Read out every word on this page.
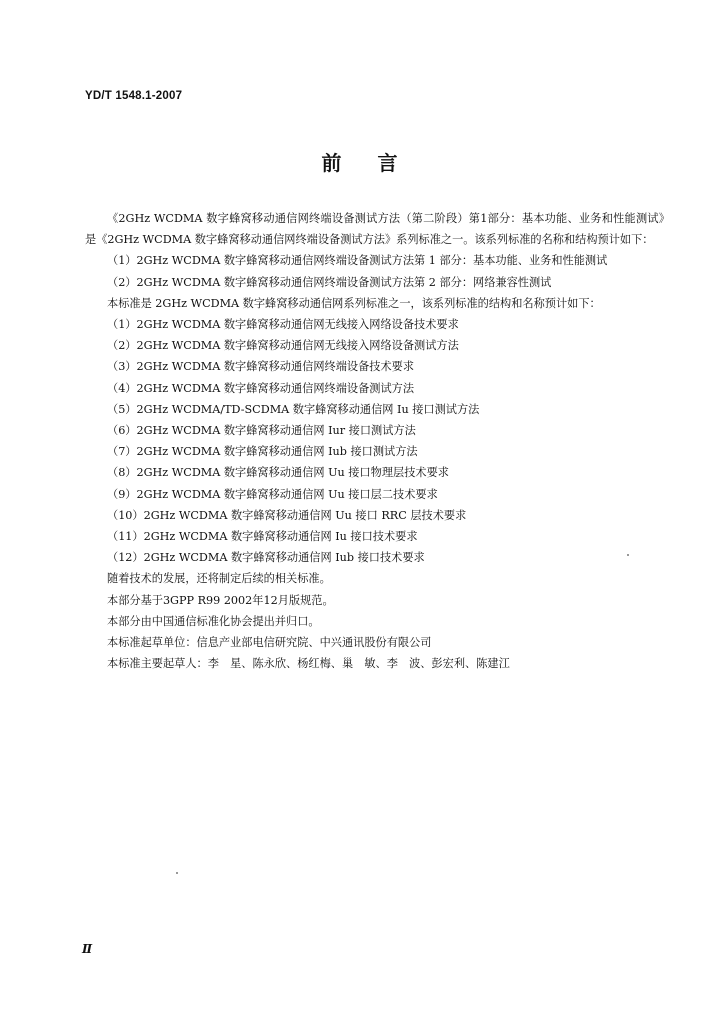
YD/T 1548.1-2007
前言

《2GHz WCDMA 数字蜂窝移动通信网终端设备测试方法（第二阶段）第1部分：基本功能、业务和性能测试》是《2GHz WCDMA 数字蜂窝移动通信网终端设备测试方法》系列标准之一。该系列标准的名称和结构预计如下：

（1）2GHz WCDMA 数字蜂窝移动通信网终端设备测试方法第 1 部分：基本功能、业务和性能测试

（2）2GHz WCDMA 数字蜂窝移动通信网终端设备测试方法第 2 部分：网络兼容性测试

本标准是 2GHz WCDMA 数字蜂窝移动通信网系列标准之一，该系列标准的结构和名称预计如下：

（1）2GHz WCDMA 数字蜂窝移动通信网无线接入网络设备技术要求

（2）2GHz WCDMA 数字蜂窝移动通信网无线接入网络设备测试方法

（3）2GHz WCDMA 数字蜂窝移动通信网终端设备技术要求

（4）2GHz WCDMA 数字蜂窝移动通信网终端设备测试方法

（5）2GHz WCDMA/TD-SCDMA 数字蜂窝移动通信网 Iu 接口测试方法

（6）2GHz WCDMA 数字蜂窝移动通信网 Iur 接口测试方法

（7）2GHz WCDMA 数字蜂窝移动通信网 Iub 接口测试方法

（8）2GHz WCDMA 数字蜂窝移动通信网 Uu 接口物理层技术要求

（9）2GHz WCDMA 数字蜂窝移动通信网 Uu 接口层二技术要求

（10）2GHz WCDMA 数字蜂窝移动通信网 Uu 接口 RRC 层技术要求

（11）2GHz WCDMA 数字蜂窝移动通信网 Iu 接口技术要求

（12）2GHz WCDMA 数字蜂窝移动通信网 Iub 接口技术要求

随着技术的发展，还将制定后续的相关标准。

本部分基于3GPP R99 2002年12月版规范。

本部分由中国通信标准化协会提出并归口。

本标准起草单位：信息产业部电信研究院、中兴通讯股份有限公司

本标准主要起草人：李　星、陈永欣、杨红梅、巢　敏、李　波、彭宏利、陈建江

Ⅱ
